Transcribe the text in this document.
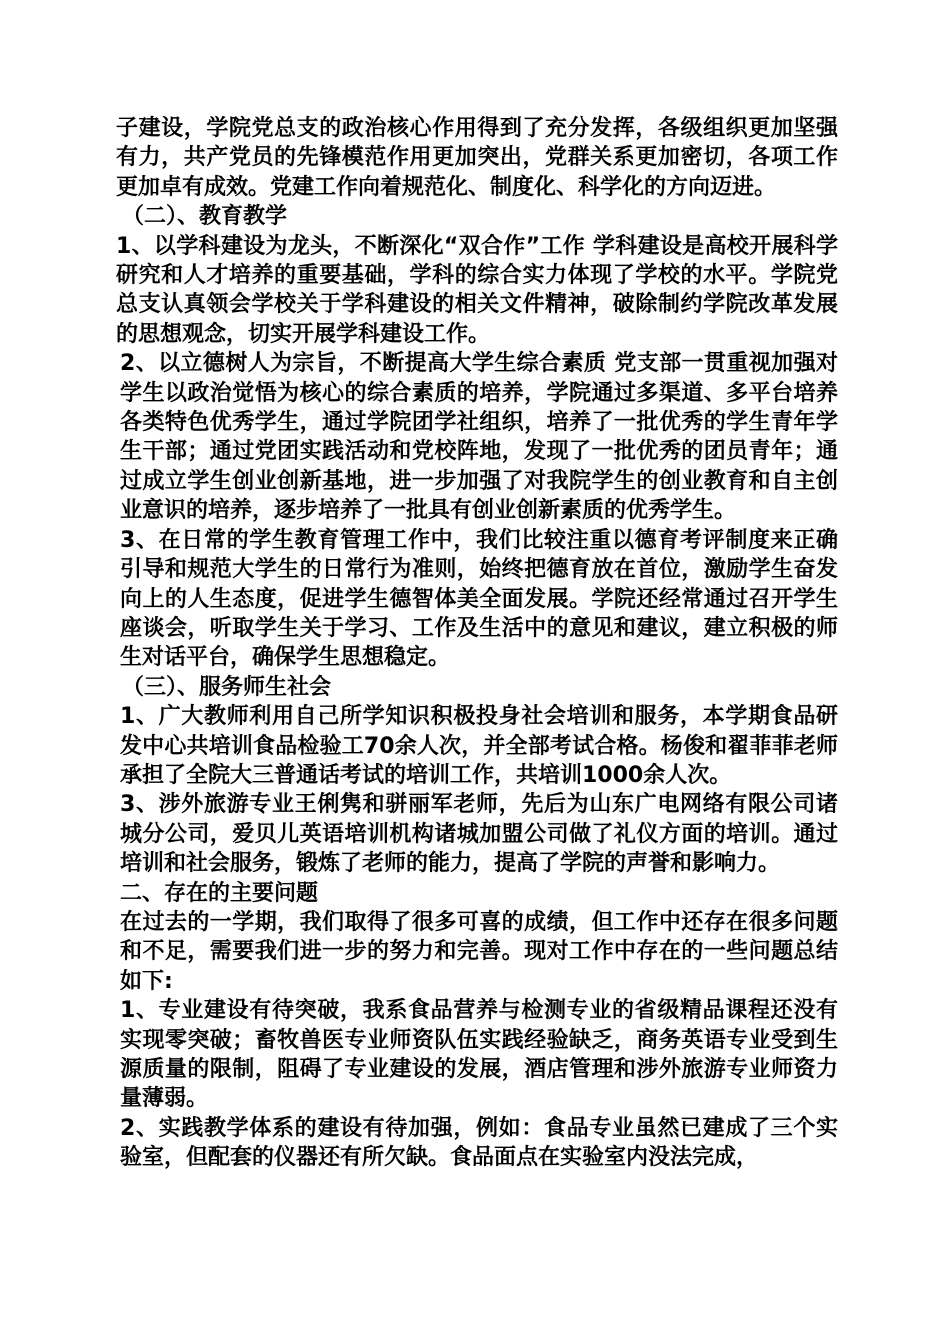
子建设，学院党总支的政治核心作用得到了充分发挥，各级组织更加坚强有力，共产党员的先锋模范作用更加突出，党群关系更加密切，各项工作更加卓有成效。党建工作向着规范化、制度化、科学化的方向迈进。

（二）、教育教学

1、以学科建设为龙头，不断深化“双合作”工作 学科建设是高校开展科学研究和人才培养的重要基础，学科的综合实力体现了学校的水平。学院党总支认真领会学校关于学科建设的相关文件精神，破除制约学院改革发展的思想观念，切实开展学科建设工作。

2、以立德树人为宗旨，不断提高大学生综合素质 党支部一贯重视加强对学生以政治觉悟为核心的综合素质的培养，学院通过多渠道、多平台培养各类特色优秀学生，通过学院团学社组织，培养了一批优秀的学生青年学生干部；通过党团实践活动和党校阵地，发现了一批优秀的团员青年；通过成立学生创业创新基地，进一步加强了对我院学生的创业教育和自主创业意识的培养，逐步培养了一批具有创业创新素质的优秀学生。

3、在日常的学生教育管理工作中，我们比较注重以德育考评制度来正确引导和规范大学生的日常行为准则，始终把德育放在首位，激励学生奋发向上的人生态度，促进学生德智体美全面发展。学院还经常通过召开学生座谈会，听取学生关于学习、工作及生活中的意见和建议，建立积极的师生对话平台，确保学生思想稳定。

（三）、服务师生社会

1、广大教师利用自己所学知识积极投身社会培训和服务，本学期食品研发中心共培训食品检验工70余人次，并全部考试合格。杨俊和翟菲菲老师承担了全院大三普通话考试的培训工作，共培训1000余人次。

3、涉外旅游专业王俐隽和骈丽军老师，先后为山东广电网络有限公司诸城分公司，爱贝儿英语培训机构诸城加盟公司做了礼仪方面的培训。通过培训和社会服务，锻炼了老师的能力，提高了学院的声誉和影响力。

二、存在的主要问题

在过去的一学期，我们取得了很多可喜的成绩，但工作中还存在很多问题和不足，需要我们进一步的努力和完善。现对工作中存在的一些问题总结如下:

1、专业建设有待突破，我系食品营养与检测专业的省级精品课程还没有实现零突破；畜牧兽医专业师资队伍实践经验缺乏，商务英语专业受到生源质量的限制，阻碍了专业建设的发展，酒店管理和涉外旅游专业师资力量薄弱。

2、实践教学体系的建设有待加强，例如：食品专业虽然已建成了三个实验室，但配套的仪器还有所欠缺。食品面点在实验室内没法完成，
